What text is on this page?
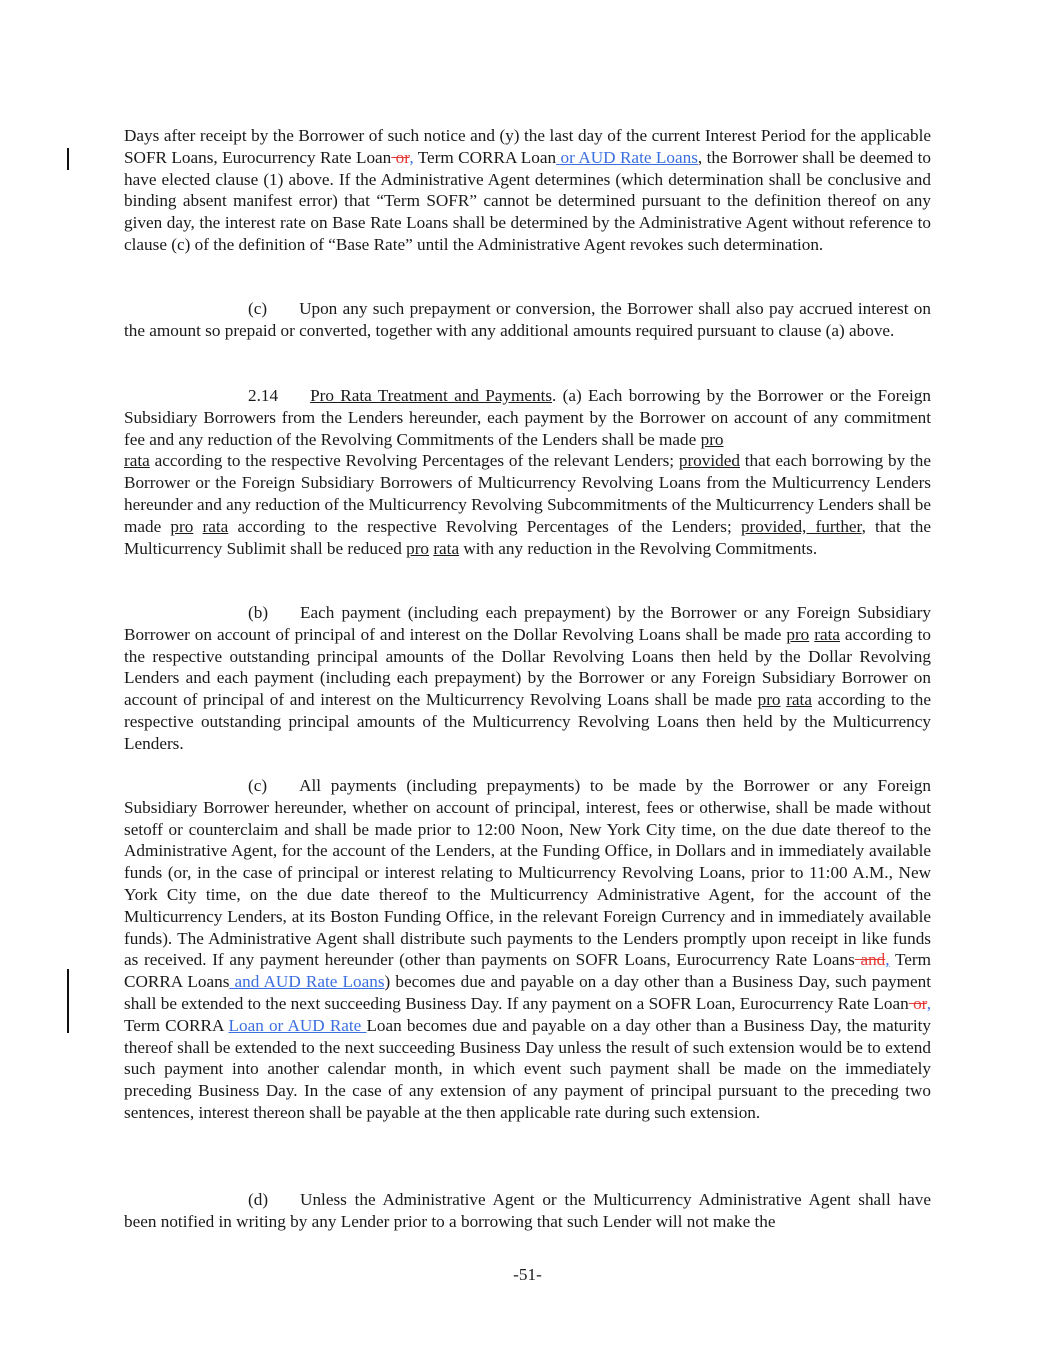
Days after receipt by the Borrower of such notice and (y) the last day of the current Interest Period for the applicable SOFR Loans, Eurocurrency Rate Loan or, Term CORRA Loan or AUD Rate Loans, the Borrower shall be deemed to have elected clause (1) above. If the Administrative Agent determines (which determination shall be conclusive and binding absent manifest error) that “Term SOFR” cannot be determined pursuant to the definition thereof on any given day, the interest rate on Base Rate Loans shall be determined by the Administrative Agent without reference to clause (c) of the definition of “Base Rate” until the Administrative Agent revokes such determination.

(c) Upon any such prepayment or conversion, the Borrower shall also pay accrued interest on the amount so prepaid or converted, together with any additional amounts required pursuant to clause (a) above.

2.14 Pro Rata Treatment and Payments. (a) Each borrowing by the Borrower or the Foreign Subsidiary Borrowers from the Lenders hereunder, each payment by the Borrower on account of any commitment fee and any reduction of the Revolving Commitments of the Lenders shall be made pro
rata according to the respective Revolving Percentages of the relevant Lenders; provided that each borrowing by the Borrower or the Foreign Subsidiary Borrowers of Multicurrency Revolving Loans from the Multicurrency Lenders hereunder and any reduction of the Multicurrency Revolving Subcommitments of the Multicurrency Lenders shall be made pro rata according to the respective Revolving Percentages of the Lenders; provided, further, that the Multicurrency Sublimit shall be reduced pro rata with any reduction in the Revolving Commitments.

(b) Each payment (including each prepayment) by the Borrower or any Foreign Subsidiary Borrower on account of principal of and interest on the Dollar Revolving Loans shall be made pro rata according to the respective outstanding principal amounts of the Dollar Revolving Loans then held by the Dollar Revolving Lenders and each payment (including each prepayment) by the Borrower or any Foreign Subsidiary Borrower on account of principal of and interest on the Multicurrency Revolving Loans shall be made pro rata according to the respective outstanding principal amounts of the Multicurrency Revolving Loans then held by the Multicurrency Lenders.

(c) All payments (including prepayments) to be made by the Borrower or any Foreign Subsidiary Borrower hereunder, whether on account of principal, interest, fees or otherwise, shall be made without setoff or counterclaim and shall be made prior to 12:00 Noon, New York City time, on the due date thereof to the Administrative Agent, for the account of the Lenders, at the Funding Office, in Dollars and in immediately available funds (or, in the case of principal or interest relating to Multicurrency Revolving Loans, prior to 11:00 A.M., New York City time, on the due date thereof to the Multicurrency Administrative Agent, for the account of the Multicurrency Lenders, at its Boston Funding Office, in the relevant Foreign Currency and in immediately available funds). The Administrative Agent shall distribute such payments to the Lenders promptly upon receipt in like funds as received. If any payment hereunder (other than payments on SOFR Loans, Eurocurrency Rate Loans and, Term CORRA Loans and AUD Rate Loans) becomes due and payable on a day other than a Business Day, such payment shall be extended to the next succeeding Business Day. If any payment on a SOFR Loan, Eurocurrency Rate Loan or, Term CORRA Loan or AUD Rate Loan becomes due and payable on a day other than a Business Day, the maturity thereof shall be extended to the next succeeding Business Day unless the result of such extension would be to extend such payment into another calendar month, in which event such payment shall be made on the immediately preceding Business Day. In the case of any extension of any payment of principal pursuant to the preceding two sentences, interest thereon shall be payable at the then applicable rate during such extension.

(d) Unless the Administrative Agent or the Multicurrency Administrative Agent shall have been notified in writing by any Lender prior to a borrowing that such Lender will not make the

-51-
